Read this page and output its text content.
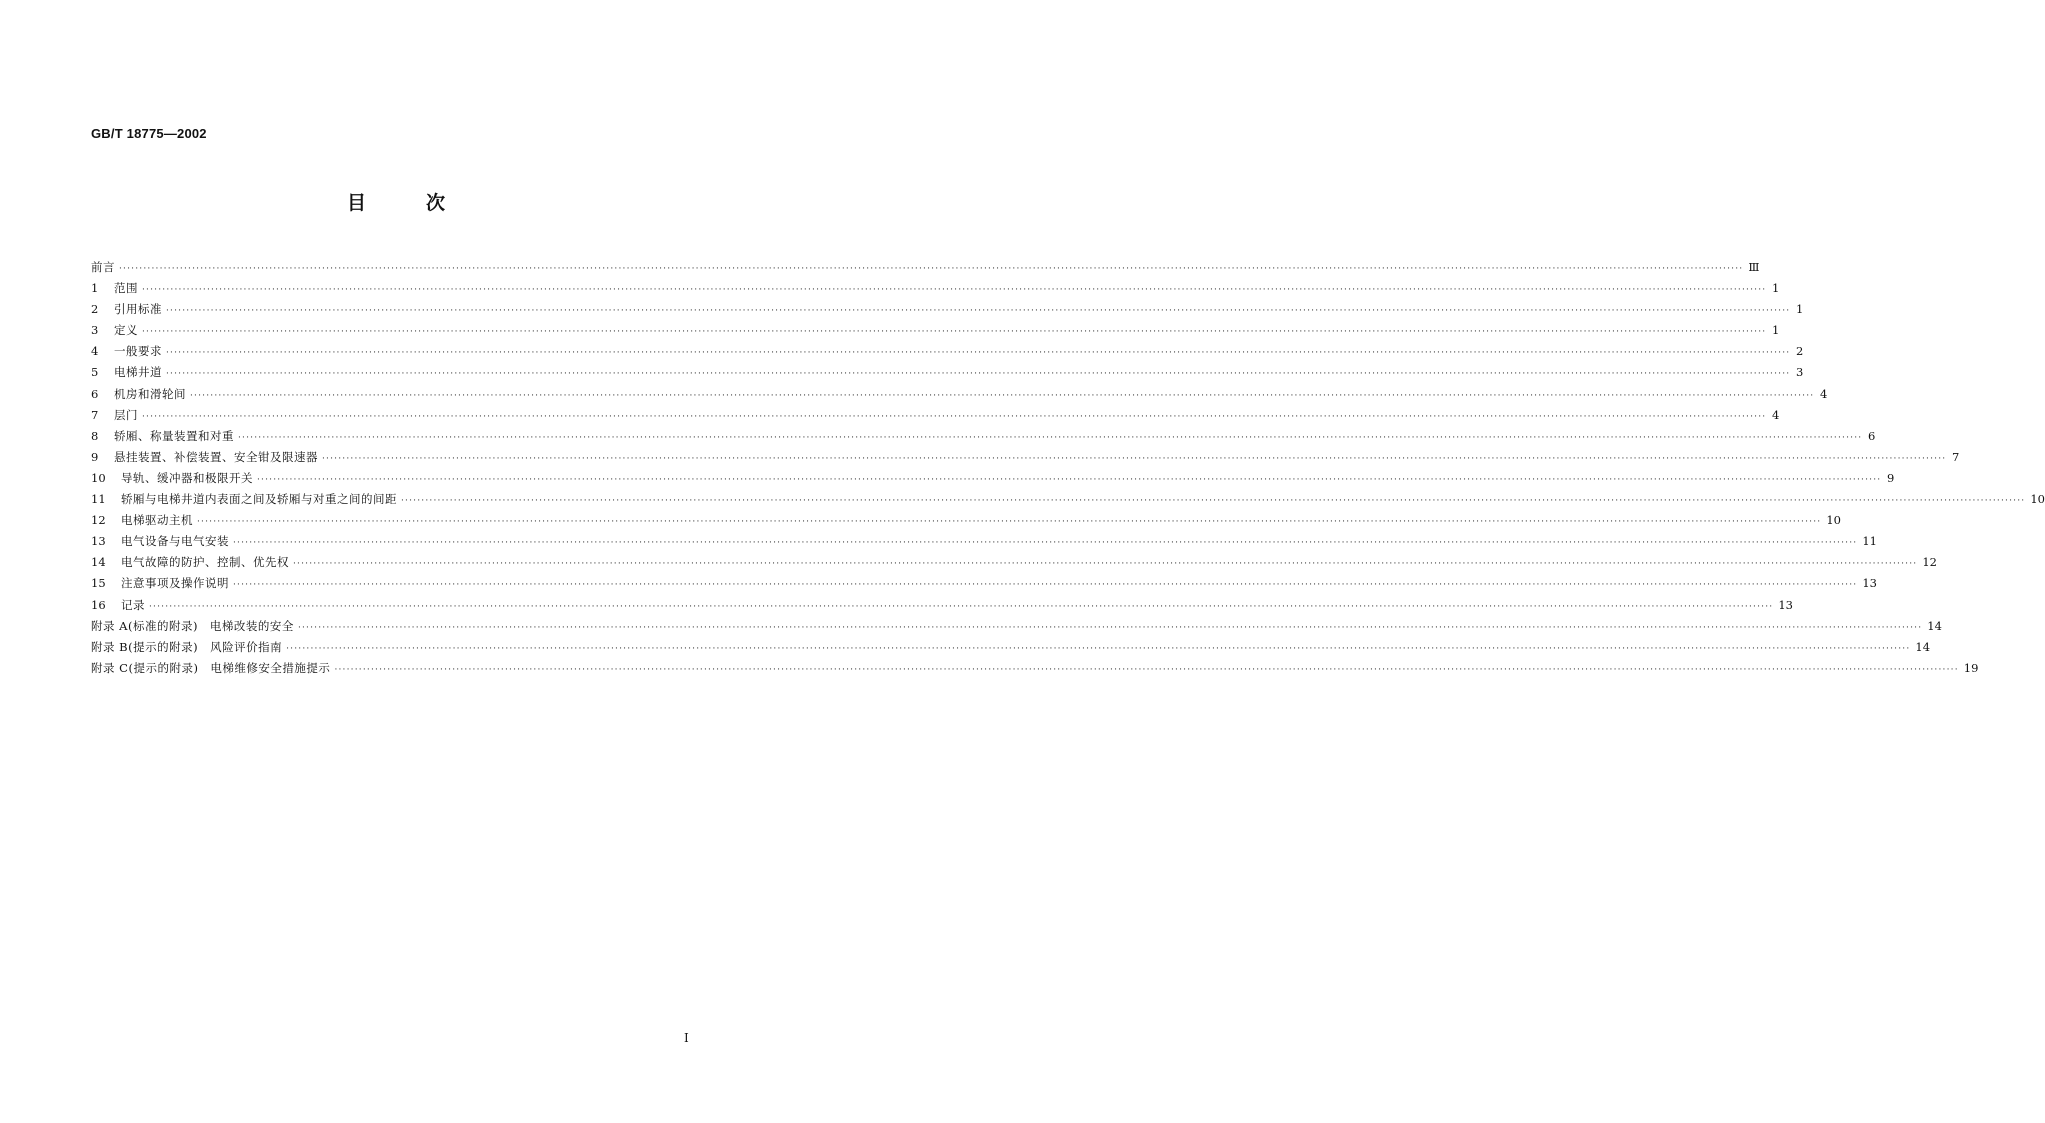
GB/T 18775—2002
目	次
前言 ················································································································································································································································································································································································································ Ⅲ
1	范围 ················································································································································································································································································································································································································ 1
2	引用标准 ················································································································································································································································································································································································································ 1
3	定义 ················································································································································································································································································································································································································ 1
4	一般要求 ················································································································································································································································································································································································································ 2
5	电梯井道 ················································································································································································································································································································································································································ 3
6	机房和滑轮间 ················································································································································································································································································································································································································ 4
7	层门 ················································································································································································································································································································································································································ 4
8	轿厢、称量装置和对重 ················································································································································································································································································································································································································ 6
9	悬挂装置、补偿装置、安全钳及限速器 ················································································································································································································································································································································································································ 7
10	导轨、缓冲器和极限开关 ················································································································································································································································································································································································································ 9
11	轿厢与电梯井道内表面之间及轿厢与对重之间的间距 ················································································································································································································································································································································································································ 10
12	电梯驱动主机 ················································································································································································································································································································································································································ 10
13	电气设备与电气安装 ················································································································································································································································································································································································································ 11
14	电气故障的防护、控制、优先权 ················································································································································································································································································································································································································ 12
15	注意事项及操作说明 ················································································································································································································································································································································································································ 13
16	记录 ················································································································································································································································································································································································································ 13
附录 A(标准的附录)　电梯改装的安全 ················································································································································································································································································································································································································ 14
附录 B(提示的附录)　风险评价指南 ················································································································································································································································································································································································································ 14
附录 C(提示的附录)　电梯维修安全措施提示 ················································································································································································································································································································································································································ 19
I
